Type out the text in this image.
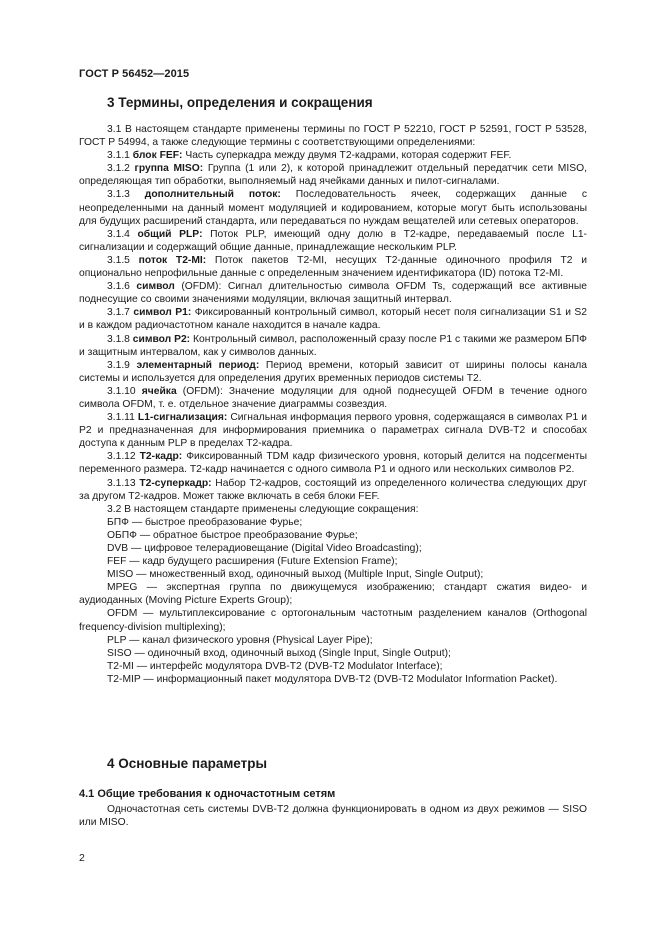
ГОСТ Р 56452—2015
3 Термины, определения и сокращения

3.1 В настоящем стандарте применены термины по ГОСТ Р 52210, ГОСТ Р 52591, ГОСТ Р 53528, ГОСТ Р 54994, а также следующие термины с соответствующими определениями:

3.1.1 блок FEF: Часть суперкадра между двумя Т2-кадрами, которая содержит FEF.

3.1.2 группа MISO: Группа (1 или 2), к которой принадлежит отдельный передатчик сети MISO, определяющая тип обработки, выполняемый над ячейками данных и пилот-сигналами.

3.1.3 дополнительный поток: Последовательность ячеек, содержащих данные с неопределенными на данный момент модуляцией и кодированием, которые могут быть использованы для будущих расширений стандарта, или передаваться по нуждам вещателей или сетевых операторов.

3.1.4 общий PLP: Поток PLP, имеющий одну долю в Т2-кадре, передаваемый после L1-сигнализации и содержащий общие данные, принадлежащие нескольким PLP.

3.1.5 поток Т2-MI: Поток пакетов Т2-MI, несущих Т2-данные одиночного профиля Т2 и опционально непрофильные данные с определенным значением идентификатора (ID) потока Т2-MI.

3.1.6 символ (OFDM): Сигнал длительностью символа OFDM Ts, содержащий все активные поднесущие со своими значениями модуляции, включая защитный интервал.

3.1.7 символ P1: Фиксированный контрольный символ, который несет поля сигнализации S1 и S2 и в каждом радиочастотном канале находится в начале кадра.

3.1.8 символ P2: Контрольный символ, расположенный сразу после P1 с такими же размером БПФ и защитным интервалом, как у символов данных.

3.1.9 элементарный период: Период времени, который зависит от ширины полосы канала системы и используется для определения других временных периодов системы Т2.

3.1.10 ячейка (OFDM): Значение модуляции для одной поднесущей OFDM в течение одного символа OFDM, т. е. отдельное значение диаграммы созвездия.

3.1.11 L1-сигнализация: Сигнальная информация первого уровня, содержащаяся в символах P1 и P2 и предназначенная для информирования приемника о параметрах сигнала DVB-T2 и способах доступа к данным PLP в пределах Т2-кадра.

3.1.12 Т2-кадр: Фиксированный TDM кадр физического уровня, который делится на подсегменты переменного размера. Т2-кадр начинается с одного символа P1 и одного или нескольких символов P2.

3.1.13 Т2-суперкадр: Набор Т2-кадров, состоящий из определенного количества следующих друг за другом Т2-кадров. Может также включать в себя блоки FEF.

3.2 В настоящем стандарте применены следующие сокращения:

БПФ — быстрое преобразование Фурье;

ОБПФ — обратное быстрое преобразование Фурье;

DVB — цифровое телерадиовещание (Digital Video Broadcasting);

FEF — кадр будущего расширения (Future Extension Frame);

MISO — множественный вход, одиночный выход (Multiple Input, Single Output);

MPEG — экспертная группа по движущемуся изображению; стандарт сжатия видео- и аудиоданных (Moving Picture Experts Group);

OFDM — мультиплексирование с ортогональным частотным разделением каналов (Orthogonal frequency-division multiplexing);

PLP — канал физического уровня (Physical Layer Pipe);

SISO — одиночный вход, одиночный выход (Single Input, Single Output);

Т2-MI — интерфейс модулятора DVB-T2 (DVB-T2 Modulator Interface);

Т2-MIP — информационный пакет модулятора DVB-T2 (DVB-T2 Modulator Information Packet).

4 Основные параметры
4.1 Общие требования к одночастотным сетям

Одночастотная сеть системы DVB-T2 должна функционировать в одном из двух режимов — SISO или MISO.

2
